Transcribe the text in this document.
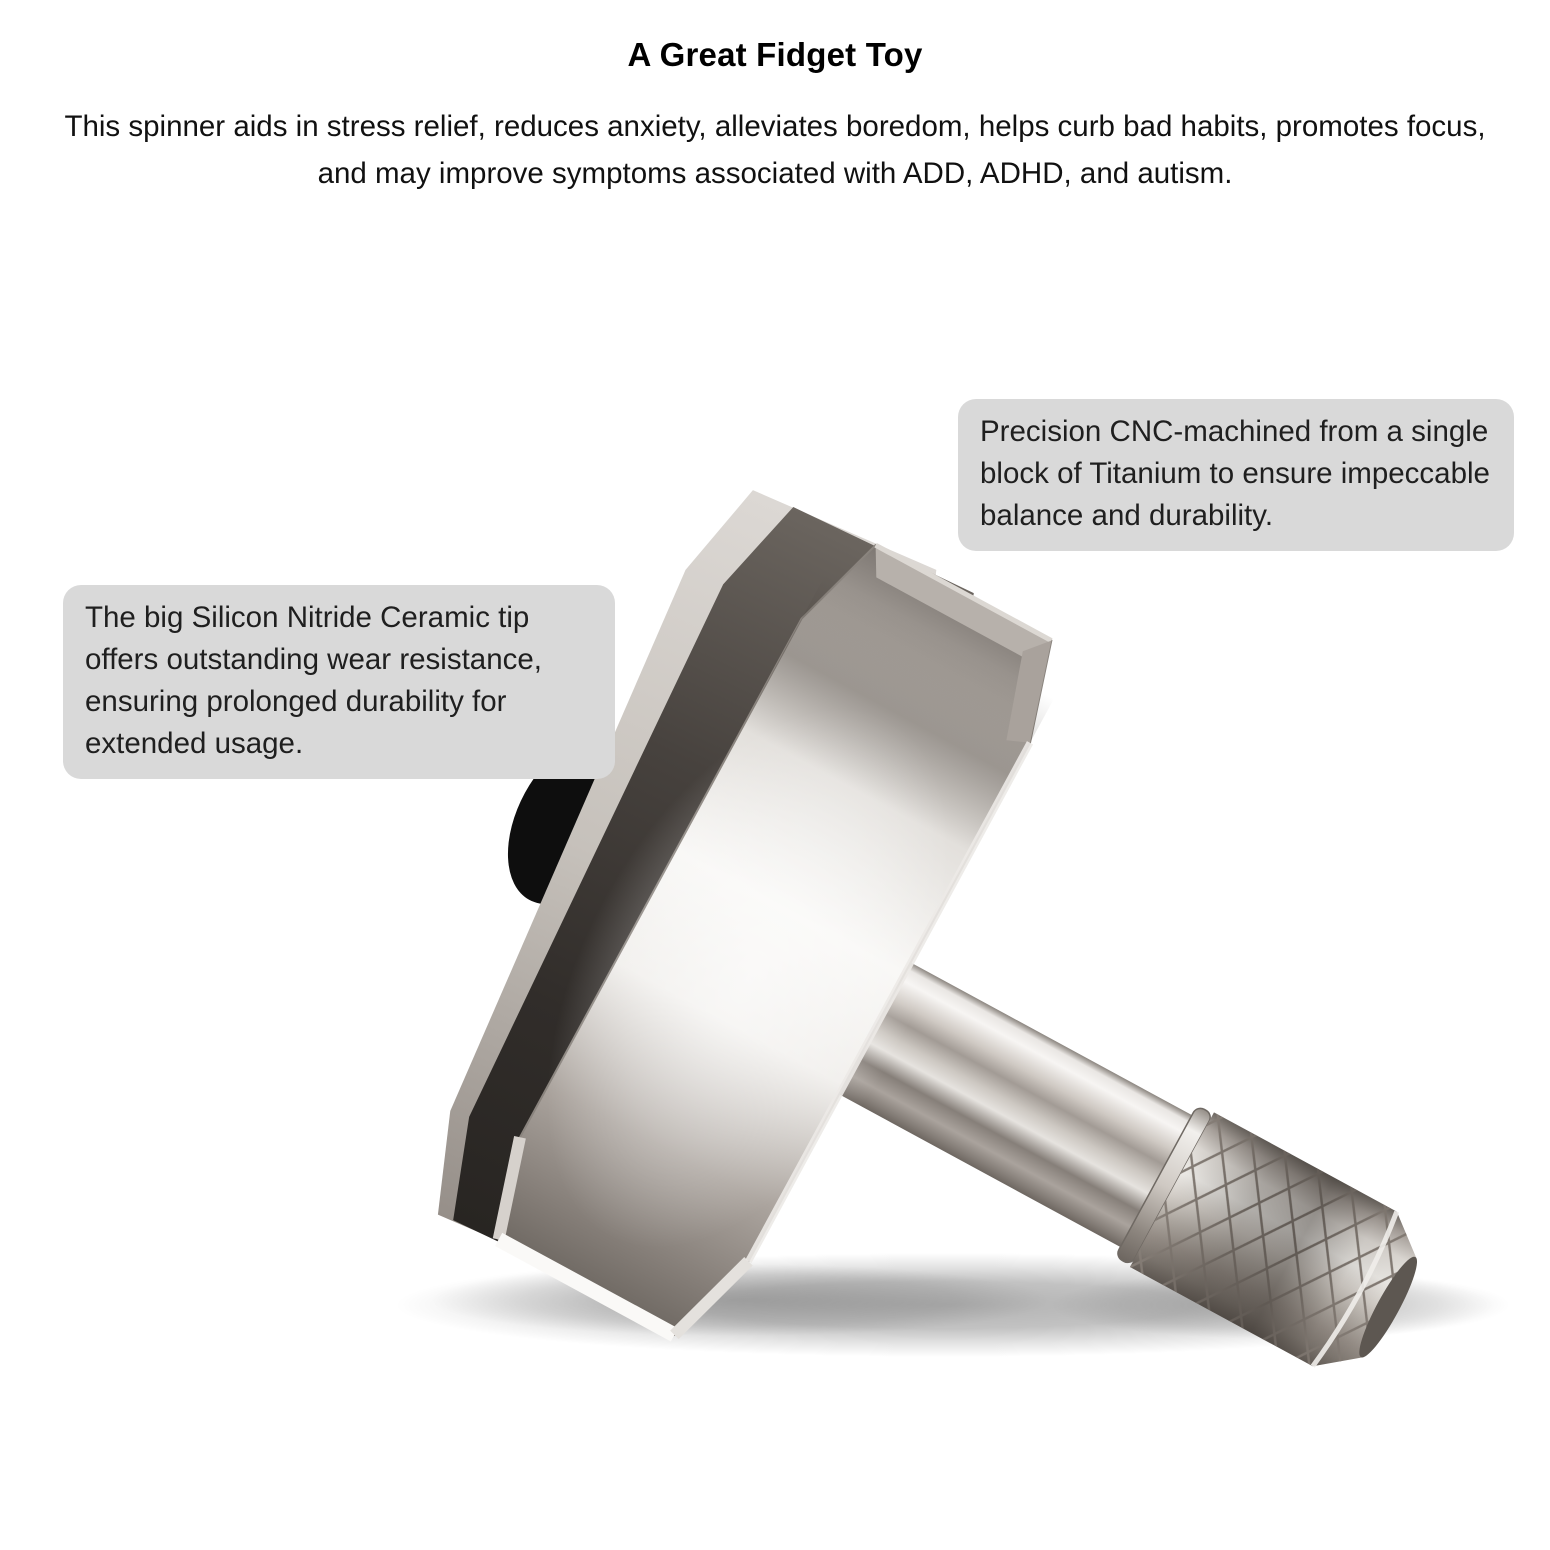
A Great Fidget Toy
This spinner aids in stress relief, reduces anxiety, alleviates boredom, helps curb bad habits, promotes focus, and may improve symptoms associated with ADD, ADHD, and autism.
Precision CNC-machined from a single block of Titanium to ensure impeccable balance and durability.
The big Silicon Nitride Ceramic tip offers outstanding wear resistance, ensuring prolonged durability for extended usage.
